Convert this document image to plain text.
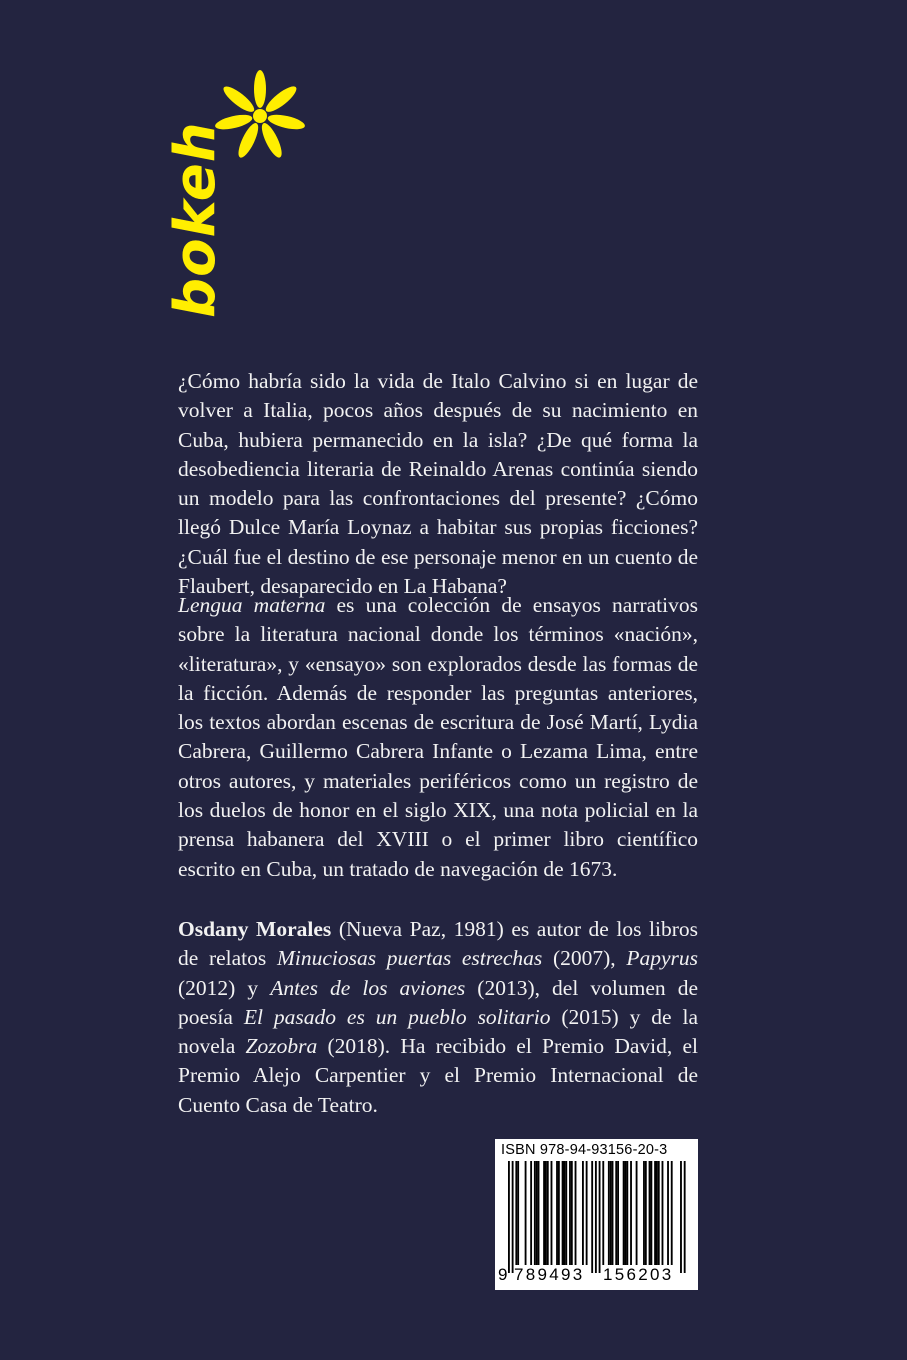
bokeh

¿Cómo habría sido la vida de Italo Calvino si en lugar de volver a Italia, pocos años después de su nacimiento en Cuba, hubiera permanecido en la isla? ¿De qué forma la desobediencia literaria de Reinaldo Arenas continúa siendo un modelo para las confrontaciones del presente? ¿Cómo llegó Dulce María Loynaz a habitar sus propias ficciones? ¿Cuál fue el destino de ese personaje menor en un cuento de Flaubert, desaparecido en La Habana?

Lengua materna es una colección de ensayos narrativos sobre la literatura nacional donde los términos «nación», «literatura», y «ensayo» son explorados desde las formas de la ficción. Además de responder las preguntas anteriores, los textos abordan escenas de escritura de José Martí, Lydia Cabrera, Guillermo Cabrera Infante o Lezama Lima, entre otros autores, y materiales periféricos como un registro de los duelos de honor en el siglo XIX, una nota policial en la prensa habanera del XVIII o el primer libro científico escrito en Cuba, un tratado de navegación de 1673.

Osdany Morales (Nueva Paz, 1981) es autor de los libros de relatos Minuciosas puertas estrechas (2007), Papyrus (2012) y Antes de los aviones (2013), del volumen de poesía El pasado es un pueblo solitario (2015) y de la novela Zozobra (2018). Ha recibido el Premio David, el Premio Alejo Carpentier y el Premio Internacional de Cuento Casa de Teatro.

ISBN 978-94-93156-20-3
9 789493 156203
